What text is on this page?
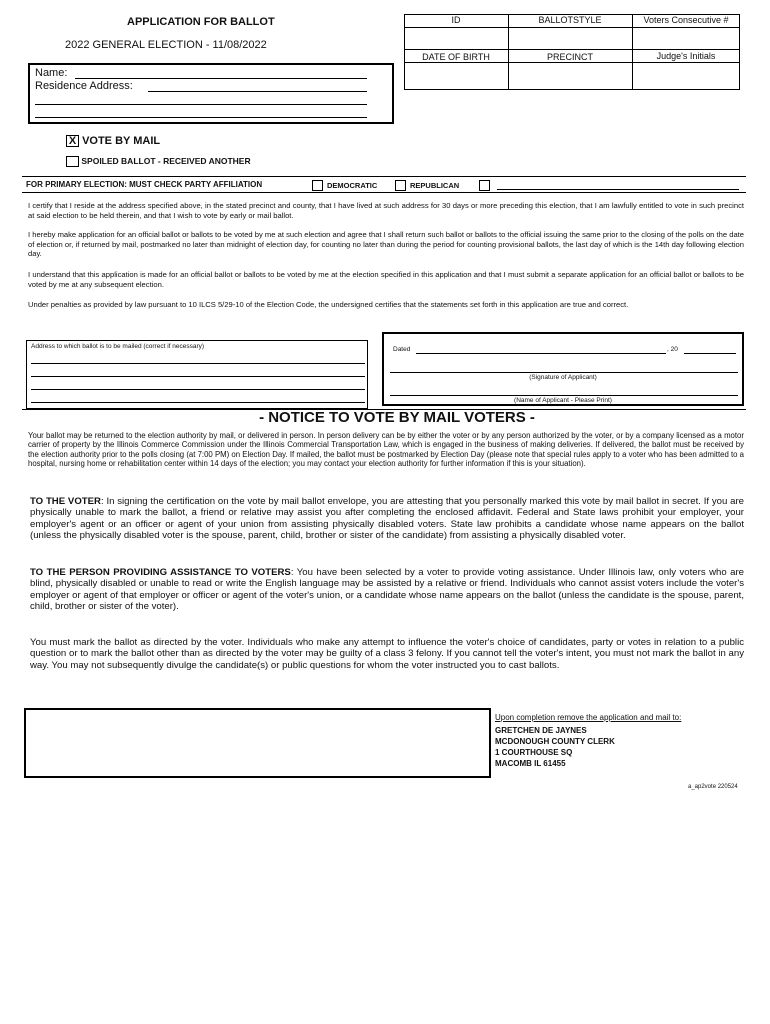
APPLICATION FOR BALLOT
2022 GENERAL ELECTION - 11/08/2022
ID	BALLOTSTYLE	Voters Consecutive #
DATE OF BIRTH	PRECINCT	Judge's Initials
Name:
Residence Address:
X VOTE BY MAIL
SPOILED BALLOT - RECEIVED ANOTHER
FOR PRIMARY ELECTION: MUST CHECK PARTY AFFILIATION	DEMOCRATIC	REPUBLICAN
I certify that I reside at the address specified above, in the stated precinct and county, that I have lived at such address for 30 days or more preceding this election, that I am lawfully entitled to vote in such precinct at said election to be held therein, and that I wish to vote by early or mail ballot.
I hereby make application for an official ballot or ballots to be voted by me at such election and agree that I shall return such ballot or ballots to the official issuing the same prior to the closing of the polls on the date of election or, if returned by mail, postmarked no later than midnight of election day, for counting no later than during the period for counting provisional ballots, the last day of which is the 14th day following election day.
I understand that this application is made for an official ballot or ballots to be voted by me at the election specified in this application and that I must submit a separate application for an official ballot or ballots to be voted by me at any subsequent election.
Under penalties as provided by law pursuant to 10 ILCS 5/29-10 of the Election Code, the undersigned certifies that the statements set forth in this application are true and correct.
Address to which ballot is to be mailed (correct if necessary)	Dated	, 20
(Signature of Applicant)
(Name of Applicant - Please Print)
- NOTICE TO VOTE BY MAIL VOTERS -
Your ballot may be returned to the election authority by mail, or delivered in person. In person delivery can be by either the voter or by any person authorized by the voter, or by a company licensed as a motor carrier of property by the Illinois Commerce Commission under the Illinois Commercial Transportation Law, which is engaged in the business of making deliveries. If delivered, the ballot must be received by the election authority prior to the polls closing (at 7:00 PM) on Election Day. If mailed, the ballot must be postmarked by Election Day (please note that special rules apply to a voter who has been admitted to a hospital, nursing home or rehabilitation center within 14 days of the election; you may contact your election authority for further information if this is your situation).
TO THE VOTER: In signing the certification on the vote by mail ballot envelope, you are attesting that you personally marked this vote by mail ballot in secret. If you are physically unable to mark the ballot, a friend or relative may assist you after completing the enclosed affidavit. Federal and State laws prohibit your employer, your employer's agent or an officer or agent of your union from assisting physically disabled voters. State law prohibits a candidate whose name appears on the ballot (unless the physically disabled voter is the spouse, parent, child, brother or sister of the candidate) from assisting a physically disabled voter.
TO THE PERSON PROVIDING ASSISTANCE TO VOTERS: You have been selected by a voter to provide voting assistance. Under Illinois law, only voters who are blind, physically disabled or unable to read or write the English language may be assisted by a relative or friend. Individuals who cannot assist voters include the voter's employer or agent of that employer or officer or agent of the voter's union, or a candidate whose name appears on the ballot (unless the candidate is the spouse, parent, child, brother or sister of the voter).
You must mark the ballot as directed by the voter. Individuals who make any attempt to influence the voter's choice of candidates, party or votes in relation to a public question or to mark the ballot other than as directed by the voter may be guilty of a class 3 felony. If you cannot tell the voter's intent, you must not mark the ballot in any way. You may not subsequently divulge the candidate(s) or public questions for whom the voter instructed you to cast ballots.
Upon completion remove the application and mail to:
GRETCHEN DE JAYNES
MCDONOUGH COUNTY CLERK
1 COURTHOUSE SQ
MACOMB IL 61455
a_ap2vote 220524
